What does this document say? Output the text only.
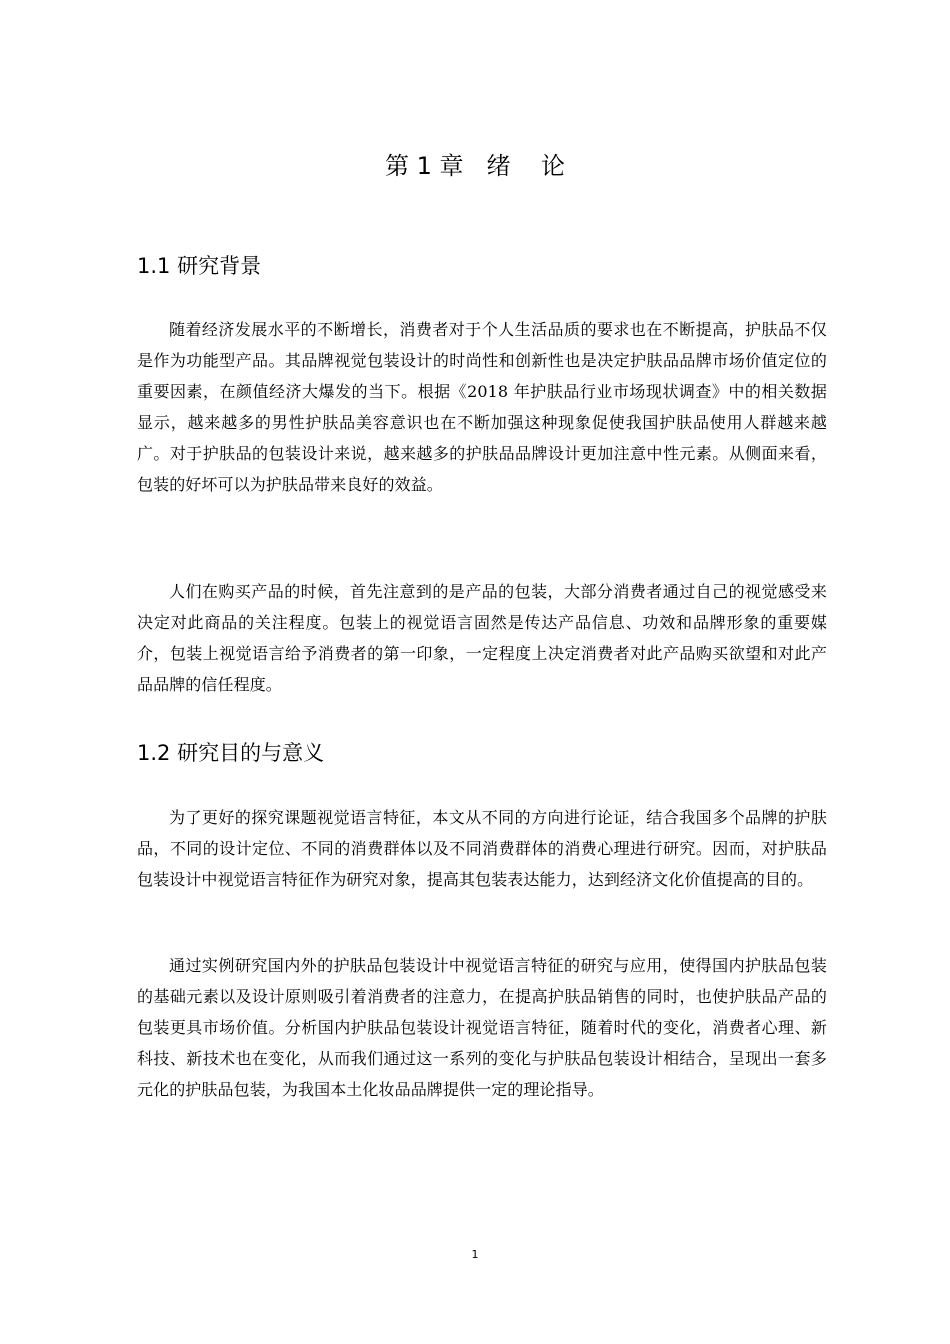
第 1 章   绪    论
1.1 研究背景

随着经济发展水平的不断增长，消费者对于个人生活品质的要求也在不断提高，护肤品不仅是作为功能型产品。其品牌视觉包装设计的时尚性和创新性也是决定护肤品品牌市场价值定位的重要因素，在颜值经济大爆发的当下。根据《2018 年护肤品行业市场现状调查》中的相关数据显示，越来越多的男性护肤品美容意识也在不断加强这种现象促使我国护肤品使用人群越来越广。对于护肤品的包装设计来说，越来越多的护肤品品牌设计更加注意中性元素。从侧面来看，包装的好坏可以为护肤品带来良好的效益。

人们在购买产品的时候，首先注意到的是产品的包装，大部分消费者通过自己的视觉感受来决定对此商品的关注程度。包装上的视觉语言固然是传达产品信息、功效和品牌形象的重要媒介，包装上视觉语言给予消费者的第一印象，一定程度上决定消费者对此产品购买欲望和对此产品品牌的信任程度。

1.2 研究目的与意义

为了更好的探究课题视觉语言特征，本文从不同的方向进行论证，结合我国多个品牌的护肤品，不同的设计定位、不同的消费群体以及不同消费群体的消费心理进行研究。因而，对护肤品包装设计中视觉语言特征作为研究对象，提高其包装表达能力，达到经济文化价值提高的目的。

通过实例研究国内外的护肤品包装设计中视觉语言特征的研究与应用，使得国内护肤品包装的基础元素以及设计原则吸引着消费者的注意力，在提高护肤品销售的同时，也使护肤品产品的包装更具市场价值。分析国内护肤品包装设计视觉语言特征，随着时代的变化，消费者心理、新科技、新技术也在变化，从而我们通过这一系列的变化与护肤品包装设计相结合，呈现出一套多元化的护肤品包装，为我国本土化妆品品牌提供一定的理论指导。

1
